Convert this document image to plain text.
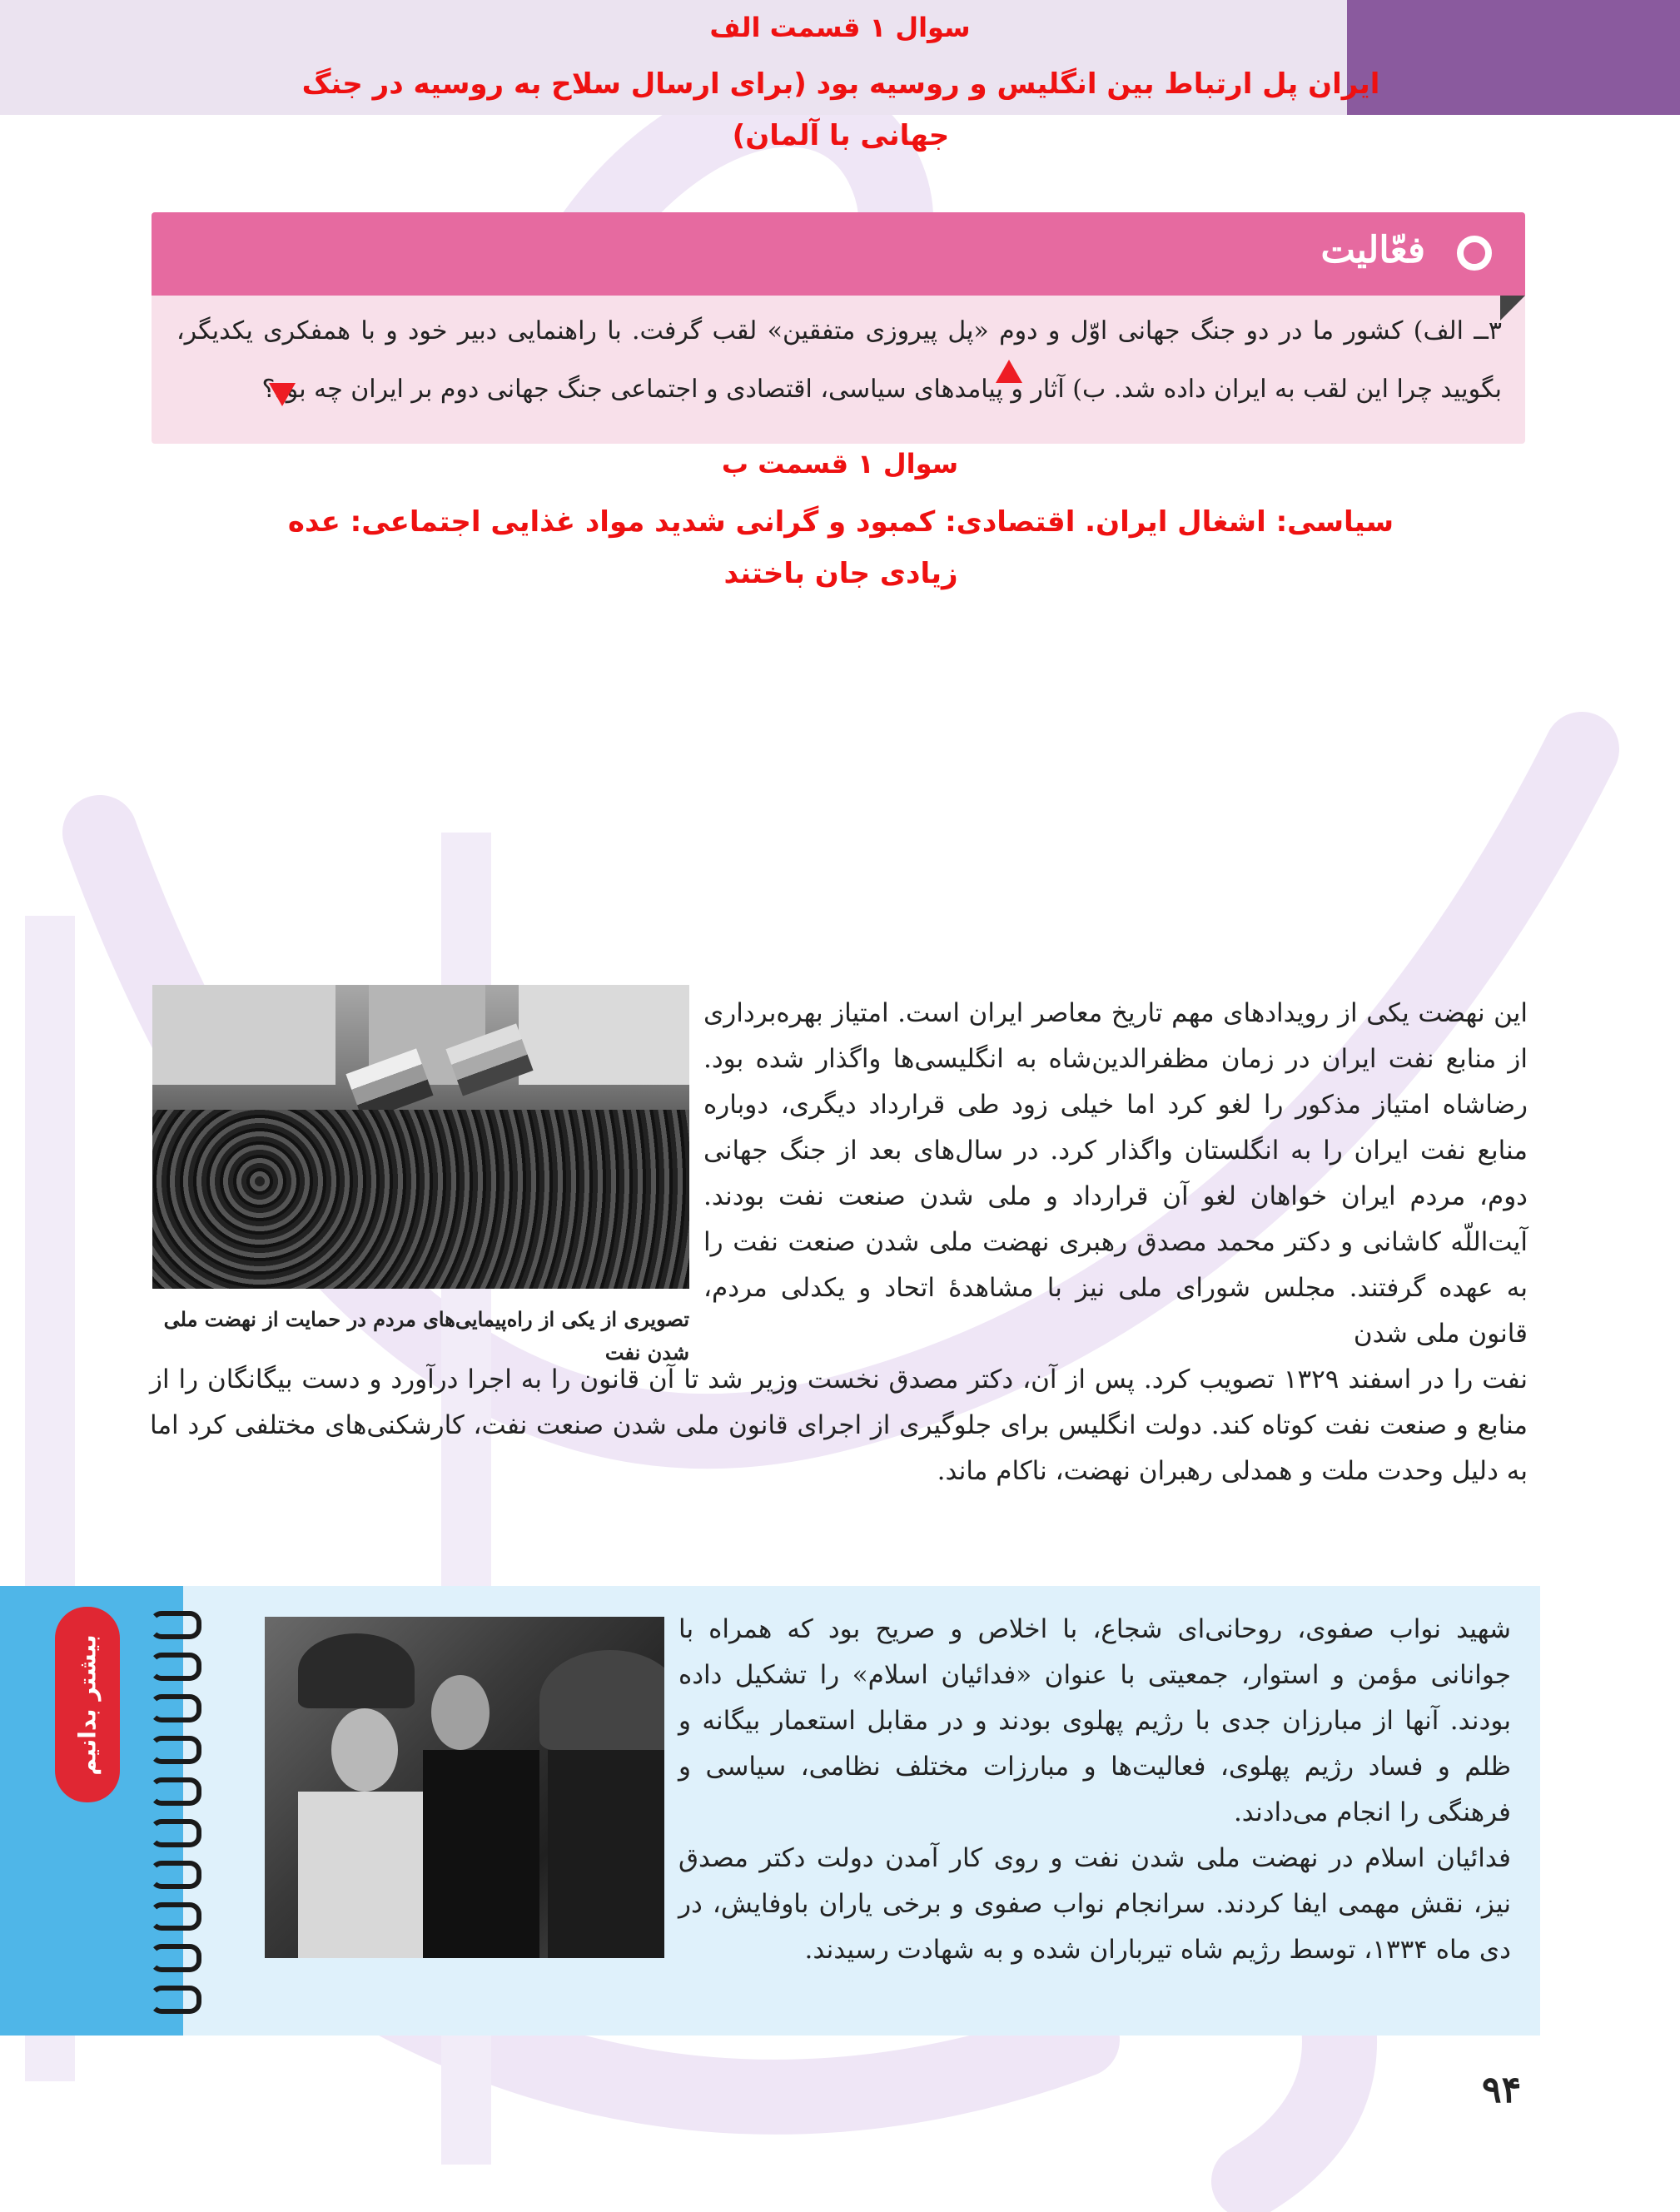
سوال ۱ قسمت الف
ایران پل ارتباط بین انگلیس و روسیه بود (برای ارسال سلاح به روسیه در جنگ جهانی با آلمان)
فعّالیت
۳ــ الف) کشور ما در دو جنگ جهانی اوّل و دوم «پل پیروزی متفقین» لقب گرفت. با راهنمایی دبیر خود و با همفکری یکدیگر، بگویید چرا این لقب به ایران داده شد. ب) آثار و پیامدهای سیاسی، اقتصادی و اجتماعی جنگ جهانی دوم بر ایران چه بود؟
سوال ۱ قسمت ب
سیاسی: اشغال ایران. اقتصادی: کمبود و گرانی شدید مواد غذایی اجتماعی: عده زیادی جان باختند
تصویری از یکی از راه‌پیمایی‌های مردم در حمایت از نهضت ملی شدن نفت
این نهضت یکی از رویدادهای مهم تاریخ معاصر ایران است. امتیاز بهره‌برداری از منابع نفت ایران در زمان مظفرالدین‌شاه به انگلیسی‌ها واگذار شده بود. رضاشاه امتیاز مذکور را لغو کرد اما خیلی زود طی قرارداد دیگری، دوباره منابع نفت ایران را به انگلستان واگذار کرد. در سال‌های بعد از جنگ جهانی دوم، مردم ایران خواهان لغو آن قرارداد و ملی شدن صنعت نفت بودند. آیت‌اللّه کاشانی و دکتر محمد مصدق رهبری نهضت ملی شدن صنعت نفت را به عهده گرفتند. مجلس شورای ملی نیز با مشاهدهٔ اتحاد و یکدلی مردم، قانون ملی شدن
نفت را در اسفند ۱۳۲۹ تصویب کرد. پس از آن، دکتر مصدق نخست وزیر شد تا آن قانون را به اجرا درآورد و دست بیگانگان را از منابع و صنعت نفت کوتاه کند. دولت انگلیس برای جلوگیری از اجرای قانون ملی شدن صنعت نفت، کارشکنی‌های مختلفی کرد اما به دلیل وحدت ملت و همدلی رهبران نهضت، ناکام ماند.
بیشتر بدانیم
شهید نواب صفوی، روحانی‌ای شجاع، با اخلاص و صریح بود که همراه با جوانانی مؤمن و استوار، جمعیتی با عنوان «فدائیان اسلام» را تشکیل داده بودند. آنها از مبارزان جدی با رژیم پهلوی بودند و در مقابل استعمار بیگانه و ظلم و فساد رژیم پهلوی، فعالیت‌ها و مبارزات مختلف نظامی، سیاسی و فرهنگی را انجام می‌دادند.
فدائیان اسلام در نهضت ملی شدن نفت و روی کار آمدن دولت دکتر مصدق نیز، نقش مهمی ایفا کردند. سرانجام نواب صفوی و برخی یاران باوفایش، در دی ماه ۱۳۳۴، توسط رژیم شاه تیرباران شده و به شهادت رسیدند.
۹۴
